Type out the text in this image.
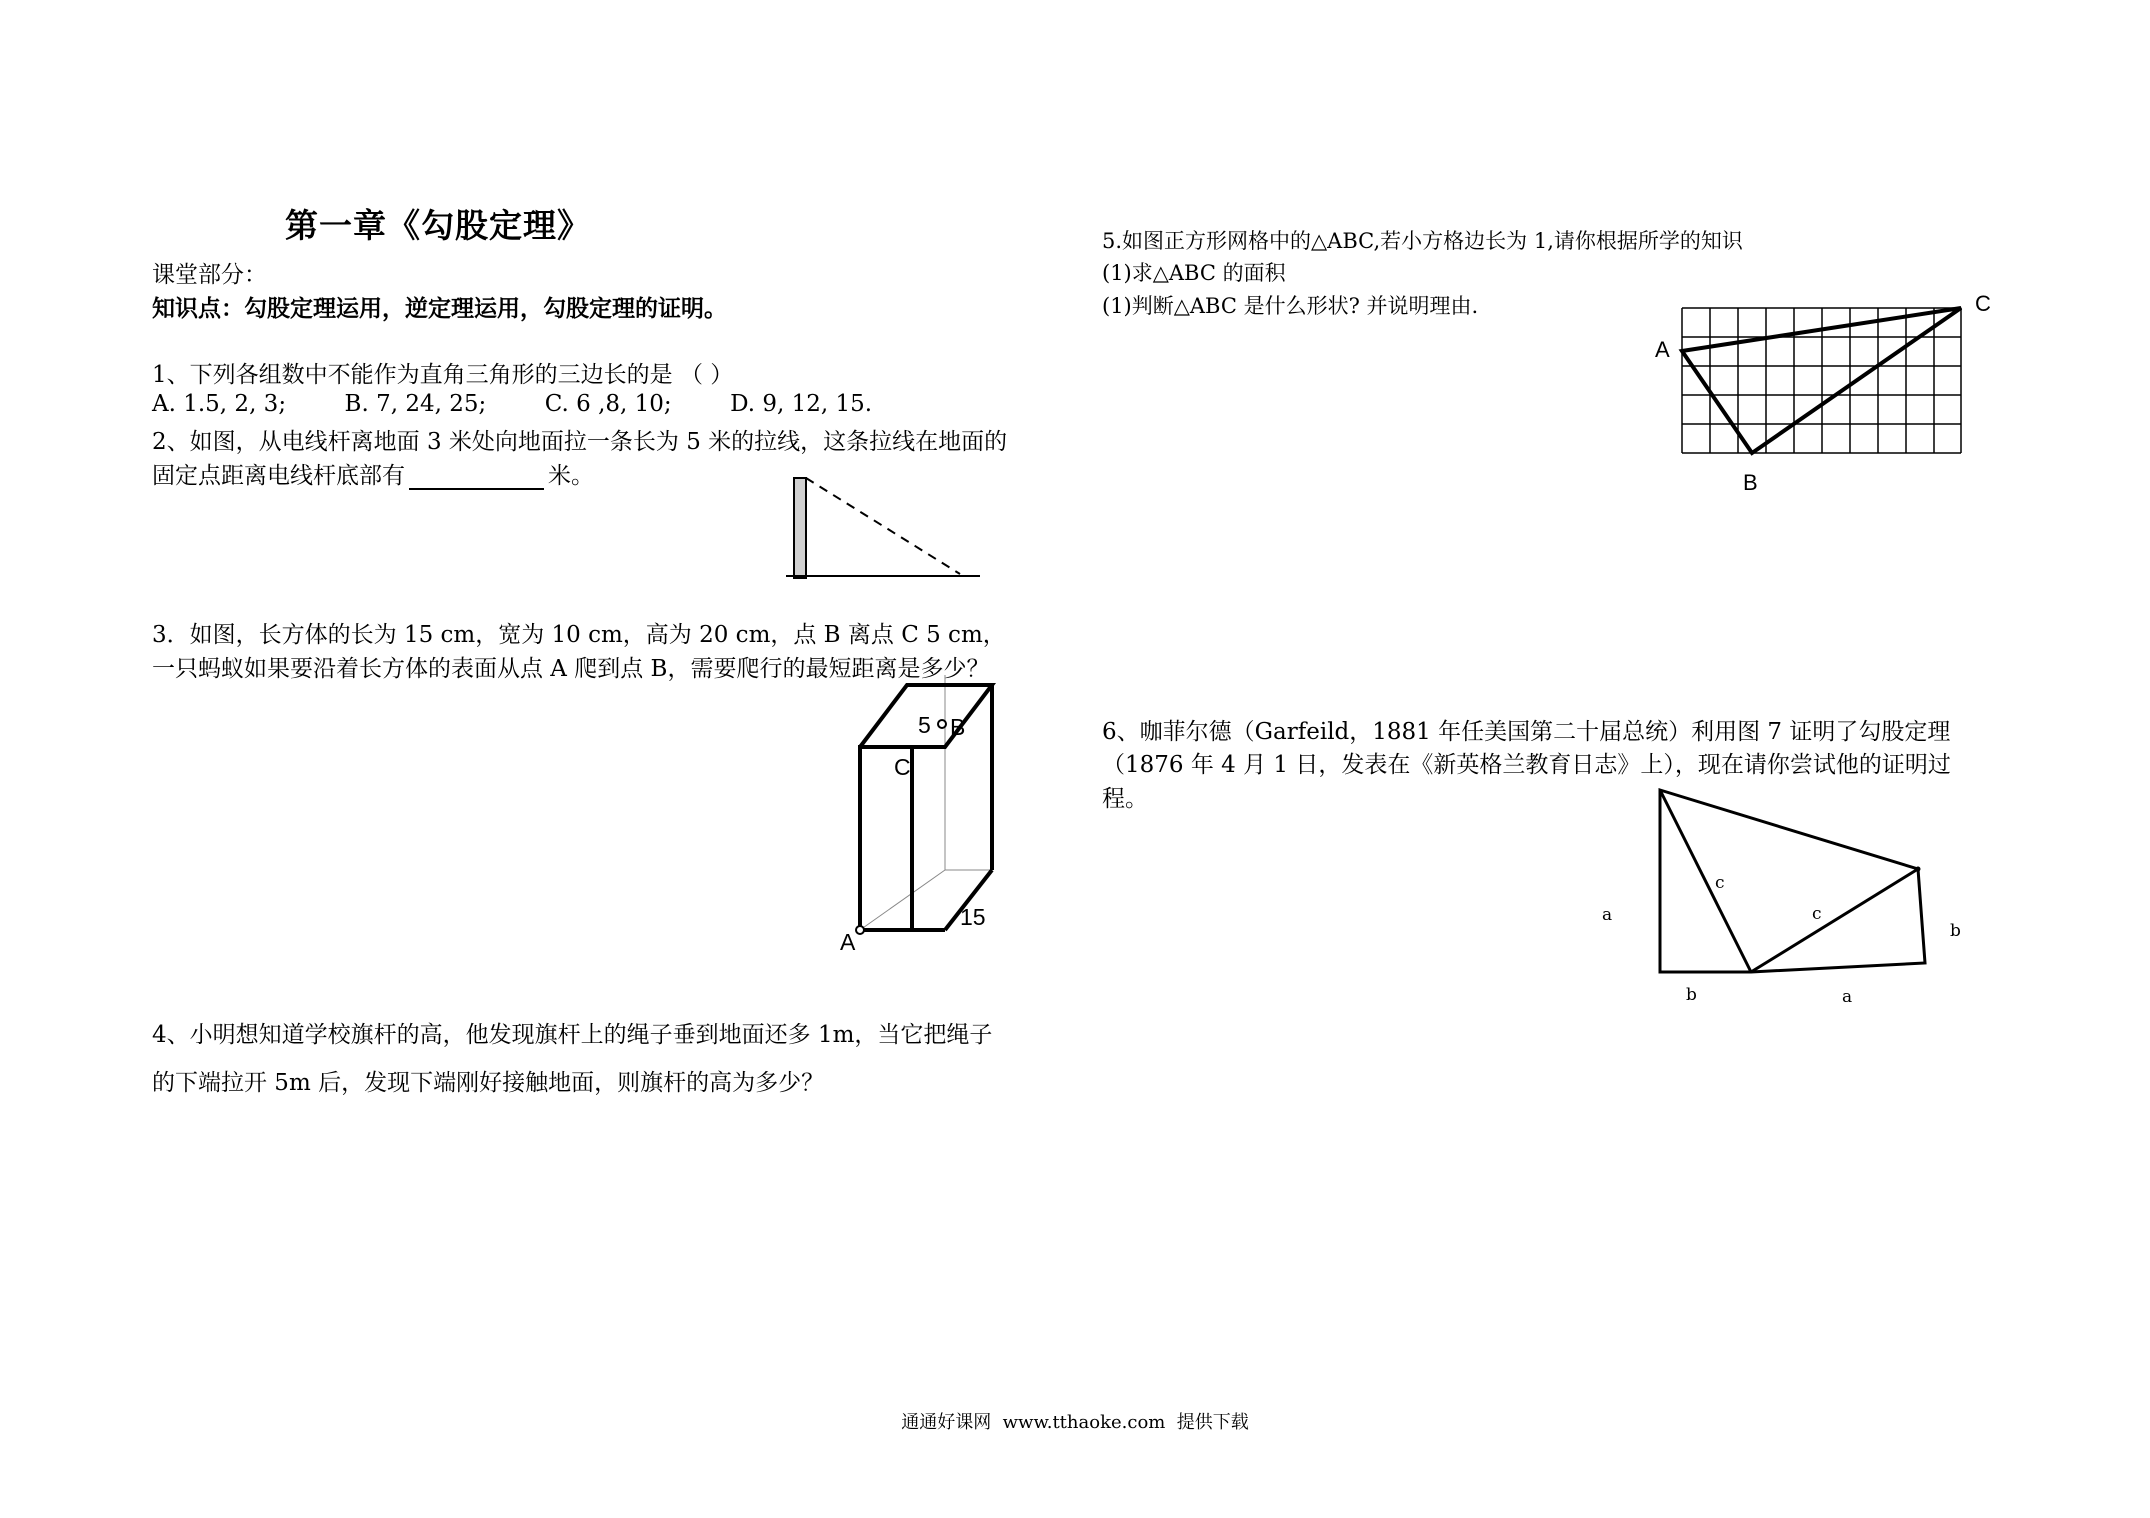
第一章《勾股定理》
课堂部分：
知识点：勾股定理运用，逆定理运用，勾股定理的证明。
1、下列各组数中不能作为直角三角形的三边长的是 （ ）
A. 1.5, 2, 3;        B. 7, 24, 25;        C. 6 ,8, 10;        D. 9, 12, 15.
2、如图，从电线杆离地面 3 米处向地面拉一条长为 5 米的拉线，这条拉线在地面的
固定点距离电线杆底部有	米。
3．如图，长方体的长为 15 cm，宽为 10 cm，高为 20 cm，点 B 离点 C 5 cm，
一只蚂蚁如果要沿着长方体的表面从点 A 爬到点 B，需要爬行的最短距离是多少？
5 B
C
A
15
4、小明想知道学校旗杆的高，他发现旗杆上的绳子垂到地面还多 1m，当它把绳子
的下端拉开 5m 后，发现下端刚好接触地面，则旗杆的高为多少？
5.如图正方形网格中的△ABC,若小方格边长为 1,请你根据所学的知识
(1)求△ABC 的面积
(1)判断△ABC 是什么形状? 并说明理由.
A
C
B
6、咖菲尔德（Garfeild，1881 年任美国第二十届总统）利用图 7 证明了勾股定理
（1876 年 4 月 1 日，发表在《新英格兰教育日志》上），现在请你尝试他的证明过
程。
a
c
c
b
b	a
通通好课网  www.tthaoke.com  提供下载
